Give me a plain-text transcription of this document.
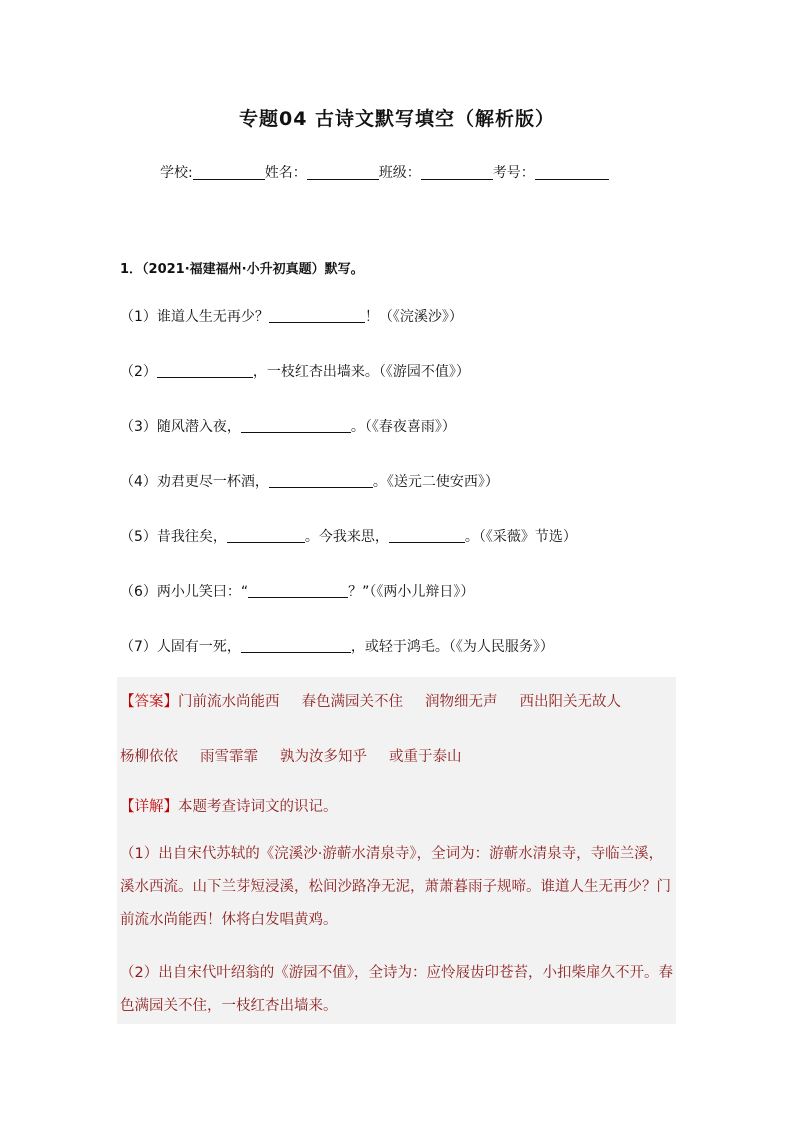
专题04 古诗文默写填空（解析版）
学校:	姓名：	班级：	考号：
1．（2021·福建福州·小升初真题）默写。
（1）谁道人生无再少？	！（《浣溪沙》）
（2）	，一枝红杏出墙来。（《游园不值》）
（3）随风潜入夜，	。（《春夜喜雨》）
（4）劝君更尽一杯酒，	。《送元二使安西》）
（5）昔我往矣，	。今我来思，	。（《采薇》节选）
（6）两小儿笑曰：“	？”（《两小儿辩日》）
（7）人固有一死，	，或轻于鸿毛。（《为人民服务》）
【答案】门前流水尚能西 春色满园关不住 润物细无声 西出阳关无故人
杨柳依依 雨雪霏霏 孰为汝多知乎 或重于泰山
【详解】本题考查诗词文的识记。
（1）出自宋代苏轼的《浣溪沙·游蕲水清泉寺》，全词为：游蕲水清泉寺，寺临兰溪，溪水西流。山下兰芽短浸溪，松间沙路净无泥，萧萧暮雨子规啼。谁道人生无再少？门前流水尚能西！休将白发唱黄鸡。
（2）出自宋代叶绍翁的《游园不值》，全诗为：应怜屐齿印苍苔，小扣柴扉久不开。春色满园关不住，一枝红杏出墙来。
